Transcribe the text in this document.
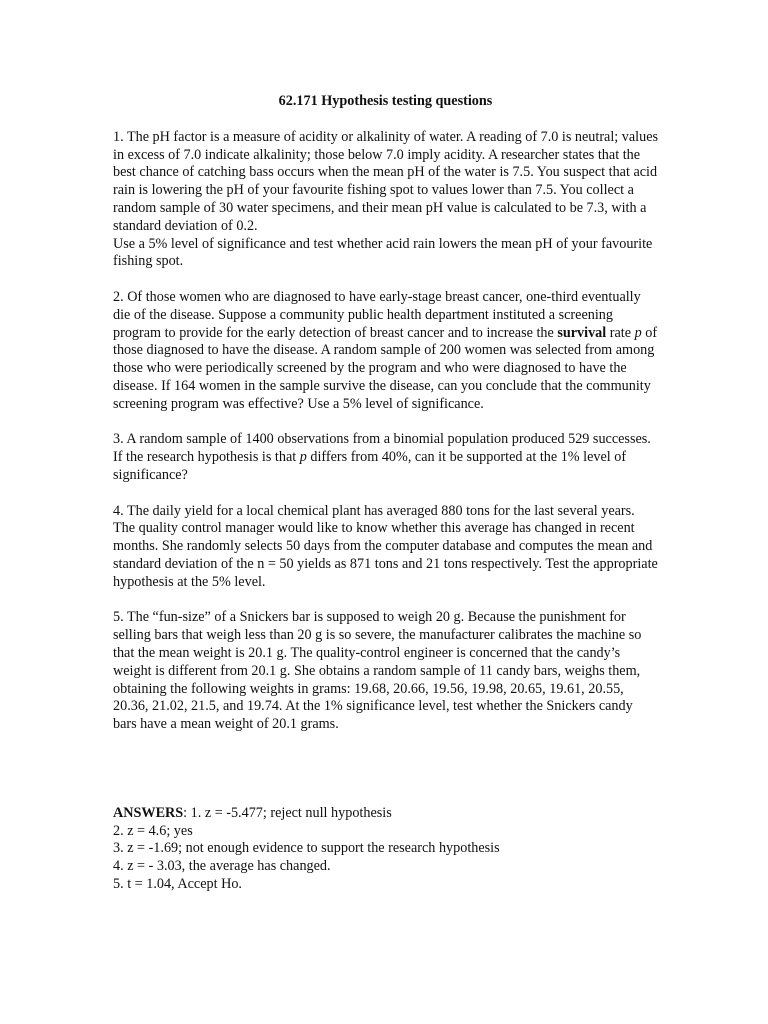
62.171 Hypothesis testing questions

1. The pH factor is a measure of acidity or alkalinity of water. A reading of 7.0 is neutral; values in excess of 7.0 indicate alkalinity; those below 7.0 imply acidity. A researcher states that the best chance of catching bass occurs when the mean pH of the water is 7.5. You suspect that acid rain is lowering the pH of your favourite fishing spot to values lower than 7.5. You collect a random sample of 30 water specimens, and their mean pH value is calculated to be 7.3, with a standard deviation of 0.2.

Use a 5% level of significance and test whether acid rain lowers the mean pH of your favourite fishing spot.

2. Of those women who are diagnosed to have early-stage breast cancer, one-third eventually die of the disease. Suppose a community public health department instituted a screening program to provide for the early detection of breast cancer and to increase the survival rate p of those diagnosed to have the disease. A random sample of 200 women was selected from among those who were periodically screened by the program and who were diagnosed to have the disease. If 164 women in the sample survive the disease, can you conclude that the community screening program was effective? Use a 5% level of significance.

3. A random sample of 1400 observations from a binomial population produced 529 successes. If the research hypothesis is that p differs from 40%, can it be supported at the 1% level of significance?

4. The daily yield for a local chemical plant has averaged 880 tons for the last several years. The quality control manager would like to know whether this average has changed in recent months. She randomly selects 50 days from the computer database and computes the mean and standard deviation of the n = 50 yields as 871 tons and 21 tons respectively. Test the appropriate hypothesis at the 5% level.

5. The “fun-size” of a Snickers bar is supposed to weigh 20 g. Because the punishment for selling bars that weigh less than 20 g is so severe, the manufacturer calibrates the machine so that the mean weight is 20.1 g. The quality-control engineer is concerned that the candy’s weight is different from 20.1 g. She obtains a random sample of 11 candy bars, weighs them, obtaining the following weights in grams: 19.68, 20.66, 19.56, 19.98, 20.65, 19.61, 20.55, 20.36, 21.02, 21.5, and 19.74. At the 1% significance level, test whether the Snickers candy bars have a mean weight of 20.1 grams.

ANSWERS: 1. z = -5.477; reject null hypothesis

2. z = 4.6; yes

3. z = -1.69; not enough evidence to support the research hypothesis

4. z = - 3.03, the average has changed.

5. t = 1.04, Accept Ho.
